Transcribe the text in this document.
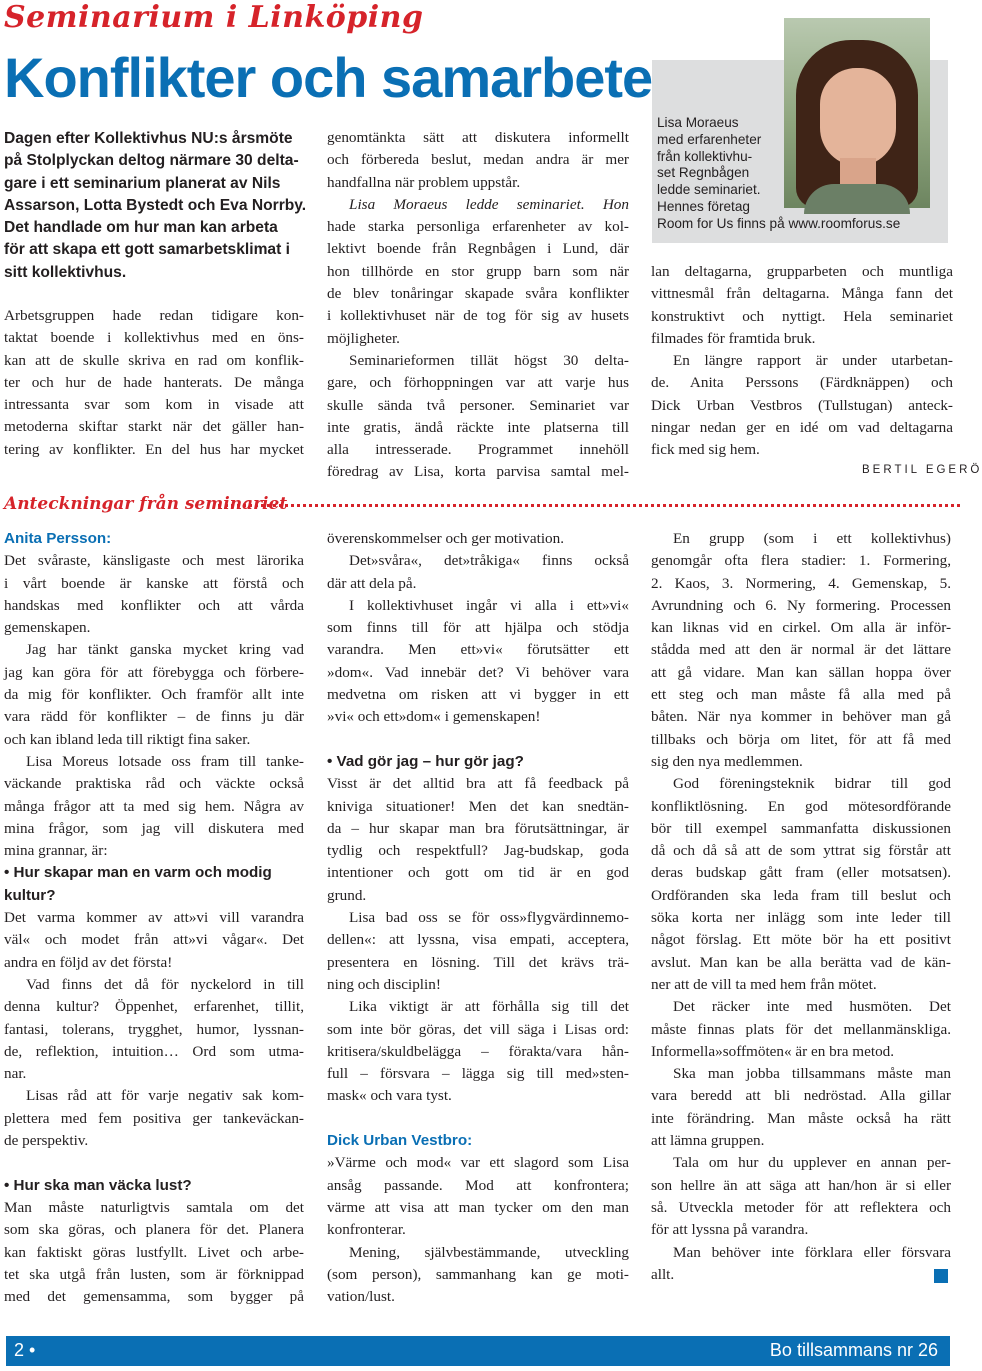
Seminarium i Linköping
Konflikter och samarbete
Dagen efter Kollektivhus NU:s årsmöte
på Stolplyckan deltog närmare 30 delta-
gare i ett seminarium planerat av Nils
Assarson, Lotta Bystedt och Eva Norrby.
Det handlade om hur man kan arbeta
för att skapa ett gott samarbetsklimat i
sitt kollektivhus.
Arbetsgruppen hade redan tidigare kon-
taktat boende i kollektivhus med en öns-
kan att de skulle skriva en rad om konflik-
ter och hur de hade hanterats. De många
intressanta svar som kom in visade att
metoderna skiftar starkt när det gäller han-
tering av konflikter. En del hus har mycket
genomtänkta sätt att diskutera informellt
och förbereda beslut, medan andra är mer
handfallna när problem uppstår.
Lisa Moraeus ledde seminariet. Hon
hade starka personliga erfarenheter av kol-
lektivt boende från Regnbågen i Lund, där
hon tillhörde en stor grupp barn som när
de blev tonåringar skapade svåra konflikter
i kollektivhuset när de tog för sig av husets
möjligheter.
Seminarieformen tillät högst 30 delta-
gare, och förhoppningen var att varje hus
skulle sända två personer. Seminariet var
inte gratis, ändå räckte inte platserna till
alla intresserade. Programmet innehöll
föredrag av Lisa, korta parvisa samtal mel-
Lisa Moraeus
med erfarenheter
från kollektivhu-
set Regnbågen
ledde seminariet.
Hennes företag
Room for Us finns på www.roomforus.se
lan deltagarna, grupparbeten och muntliga
vittnesmål från deltagarna. Många fann det
konstruktivt och nyttigt. Hela seminariet
filmades för framtida bruk.
En längre rapport är under utarbetan-
de. Anita Perssons (Färdknäppen) och
Dick Urban Vestbros (Tullstugan) anteck-
ningar nedan ger en idé om vad deltagarna
fick med sig hem.
BERTIL EGERÖ
Anteckningar från seminariet
Anita Persson:
Det svåraste, känsligaste och mest lärorika
i vårt boende är kanske att förstå och
handskas med konflikter och att vårda
gemenskapen.
Jag har tänkt ganska mycket kring vad
jag kan göra för att förebygga och förbere-
da mig för konflikter. Och framför allt inte
vara rädd för konflikter – de finns ju där
och kan ibland leda till riktigt fina saker.
Lisa Moreus lotsade oss fram till tanke-
väckande praktiska råd och väckte också
många frågor att ta med sig hem. Några av
mina frågor, som jag vill diskutera med
mina grannar, är:
• Hur skapar man en varm och modig
kultur?
Det varma kommer av att»vi vill varandra
väl« och modet från att»vi vågar«. Det
andra en följd av det första!
Vad finns det då för nyckelord in till
denna kultur? Öppenhet, erfarenhet, tillit,
fantasi, tolerans, trygghet, humor, lyssnan-
de, reflektion, intuition… Ord som utma-
nar.
Lisas råd att för varje negativ sak kom-
plettera med fem positiva ger tankeväckan-
de perspektiv.
• Hur ska man väcka lust?
Man måste naturligtvis samtala om det
som ska göras, och planera för det. Planera
kan faktiskt göras lustfyllt. Livet och arbe-
tet ska utgå från lusten, som är förknippad
med det gemensamma, som bygger på
överenskommelser och ger motivation.
Det»svåra«, det»tråkiga« finns också
där att dela på.
I kollektivhuset ingår vi alla i ett»vi«
som finns till för att hjälpa och stödja
varandra. Men ett»vi« förutsätter ett
»dom«. Vad innebär det? Vi behöver vara
medvetna om risken att vi bygger in ett
»vi« och ett»dom« i gemenskapen!
• Vad gör jag – hur gör jag?
Visst är det alltid bra att få feedback på
kniviga situationer! Men det kan snedtän-
da – hur skapar man bra förutsättningar, är
tydlig och respektfull? Jag-budskap, goda
intentioner och gott om tid är en god
grund.
Lisa bad oss se för oss»flygvärdinnemo-
dellen«: att lyssna, visa empati, acceptera,
presentera en lösning. Till det krävs trä-
ning och disciplin!
Lika viktigt är att förhålla sig till det
som inte bör göras, det vill säga i Lisas ord:
kritisera/skuldbelägga – förakta/vara hån-
full – försvara – lägga sig till med»sten-
mask« och vara tyst.
Dick Urban Vestbro:
»Värme och mod« var ett slagord som Lisa
ansåg passande. Mod att konfrontera;
värme att visa att man tycker om den man
konfronterar.
Mening, självbestämmande, utveckling
(som person), sammanhang kan ge moti-
vation/lust.
En grupp (som i ett kollektivhus)
genomgår ofta flera stadier: 1. Formering,
2. Kaos, 3. Normering, 4. Gemenskap, 5.
Avrundning och 6. Ny formering. Processen
kan liknas vid en cirkel. Om alla är inför-
stådda med att den är normal är det lättare
att gå vidare. Man kan sällan hoppa över
ett steg och man måste få alla med på
båten. När nya kommer in behöver man gå
tillbaks och börja om litet, för att få med
sig den nya medlemmen.
God föreningsteknik bidrar till god
konfliktlösning. En god mötesordförande
bör till exempel sammanfatta diskussionen
då och då så att de som yttrat sig förstår att
deras budskap gått fram (eller motsatsen).
Ordföranden ska leda fram till beslut och
söka korta ner inlägg som inte leder till
något förslag. Ett möte bör ha ett positivt
avslut. Man kan be alla berätta vad de kän-
ner att de vill ta med hem från mötet.
Det räcker inte med husmöten. Det
måste finnas plats för det mellanmänskliga.
Informella»soffmöten« är en bra metod.
Ska man jobba tillsammans måste man
vara beredd att bli nedröstad. Alla gillar
inte förändring. Man måste också ha rätt
att lämna gruppen.
Tala om hur du upplever en annan per-
son hellre än att säga att han/hon är si eller
så. Utveckla metoder för att reflektera och
för att lyssna på varandra.
Man behöver inte förklara eller försvara
allt.
2 •	Bo tillsammans nr 26
